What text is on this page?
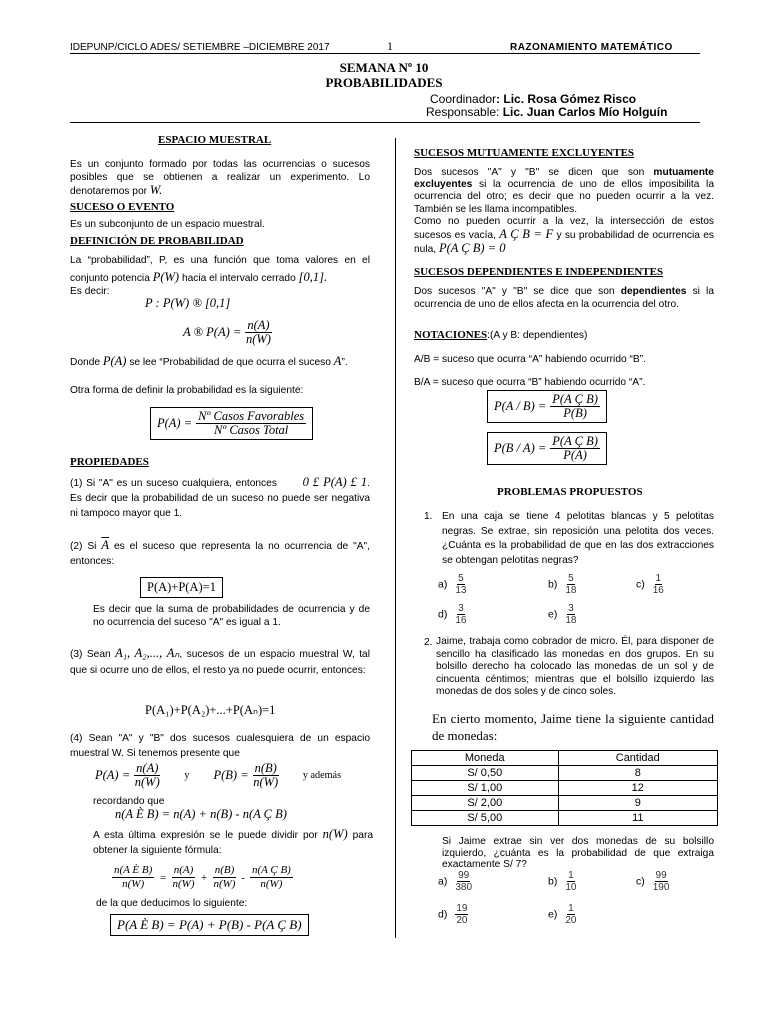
IDEPUNP/CICLO ADES/ SETIEMBRE –DICIEMBRE 2017	1	RAZONAMIENTO MATEMÁTICO
SEMANA Nº 10
PROBABILIDADES
Coordinador: Lic. Rosa Gómez Risco
Responsable: Lic. Juan Carlos Mío Holguín
ESPACIO MUESTRAL
Es un conjunto formado por todas las ocurrencias o sucesos posibles que se obtienen a realizar un experimento. Lo denotaremos por W.
SUCESO O EVENTO
Es un subconjunto de un espacio muestral.
DEFINICIÓN DE PROBABILIDAD
La “probabilidad”, P, es una función que toma valores en el conjunto potencia P(W) hacia el intervalo cerrado [0,1].
Es decir:
P : P(W) ® [0,1]
A ® $P(A) = \frac{n(A)}{n(W)}$
Donde P(A) se lee “Probabilidad de que ocurra el suceso A”.
Otra forma de definir la probabilidad es la siguiente:
$P(A) = \frac{\text{Nº Casos Favorables}}{\text{Nº Casos Total}}$
PROPIEDADES
(1) Si "A" es un suceso cualquiera, entonces 0 £ P(A) £ 1. Es decir que la probabilidad de un suceso no puede ser negativa ni tampoco mayor que 1.
(2) Si $\overline{A}$ es el suceso que representa la no ocurrencia de "A", entonces:
P(A)+P(A)=1
Es decir que la suma de probabilidades de ocurrencia y de no ocurrencia del suceso "A" es igual a 1.
(3) Sean A₁, A₂,..., Aₙ, sucesos de un espacio muestral W, tal que si ocurre uno de ellos, el resto ya no puede ocurrir, entonces:
P(A₁)+P(A₂)+...+P(Aₙ)=1
(4) Sean "A" y "B" dos sucesos cualesquiera de un espacio muestral W. Si tenemos presente que
$P(A) = \frac{n(A)}{n(W)}$ y $P(B) = \frac{n(B)}{n(W)}$ y además
recordando que
n(A È B) = n(A) + n(B) - n(A Ç B)
A esta última expresión se le puede dividir por n(W) para obtener la siguiente fórmula:
$\frac{\text{n(A È B)}}{n(W)} = \frac{n(A)}{n(W)} + \frac{n(B)}{n(W)} - \frac{\text{n(A Ç B)}}{n(W)}$
de la que deducimos lo siguiente:
P(A È B) = P(A) + P(B) - P(A Ç B)
SUCESOS MUTUAMENTE EXCLUYENTES
Dos sucesos "A" y "B" se dicen que son mutuamente excluyentes si la ocurrencia de uno de ellos imposibilita la ocurrencia del otro; es decir que no pueden ocurrir a la vez. También se les llama incompatibles.
Como no pueden ocurrir a la vez, la intersección de estos sucesos es vacía, A Ç B = F y su probabilidad de ocurrencia es nula, P(A Ç B) = 0
SUCESOS DEPENDIENTES E INDEPENDIENTES
Dos sucesos "A" y "B" se dice que son dependientes si la ocurrencia de uno de ellos afecta en la ocurrencia del otro.
NOTACIONES:(A y B: dependientes)
A/B = suceso que ocurra “A” habiendo ocurrido “B”.
B/A = suceso que ocurra “B” habiendo ocurrido “A”.
$P(A / B) = \frac{\text{P(A Ç B)}}{P(B)}$
$P(B / A) = \frac{\text{P(A Ç B)}}{P(A)}$
PROBLEMAS PROPUESTOS
1. En una caja se tiene 4 pelotitas blancas y 5 pelotitas negras. Se extrae, sin reposición una pelotita dos veces. ¿Cuánta es la probabilidad de que en las dos extracciones se obtengan pelotitas negras?
$a) \frac{5}{13}$	$b) \frac{5}{18}$	$c) \frac{1}{16}$
$d) \frac{3}{16}$	$e) \frac{3}{18}$
2. Jaime, trabaja como cobrador de micro. Él, para disponer de sencillo ha clasificado las monedas en dos grupos. En su bolsillo derecho ha colocado las monedas de un sol y de cincuenta céntimos; mientras que el bolsillo izquierdo las monedas de dos soles y de cinco soles.
En cierto momento, Jaime tiene la siguiente cantidad de monedas:
Moneda	Cantidad
S/ 0,50	8
S/ 1,00	12
S/ 2,00	9
S/ 5,00	11
Si Jaime extrae sin ver dos monedas de su bolsillo izquierdo, ¿cuánta es la probabilidad de que extraiga exactamente S/ 7?
$a) \frac{99}{380}$	$b) \frac{1}{10}$	$c) \frac{99}{190}$
$d) \frac{19}{20}$	$e) \frac{1}{20}$
